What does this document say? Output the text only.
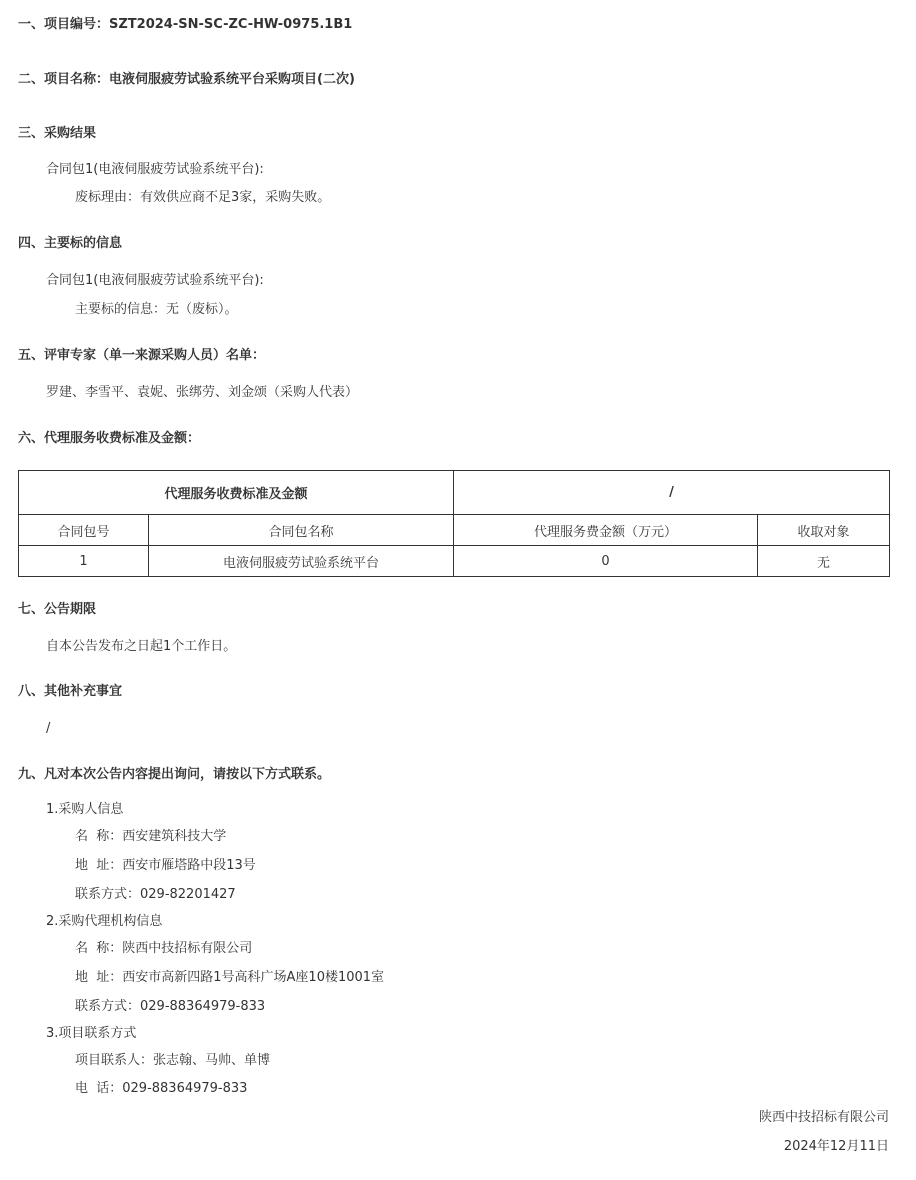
一、项目编号：SZT2024-SN-SC-ZC-HW-0975.1B1
二、项目名称：电液伺服疲劳试验系统平台采购项目(二次)
三、采购结果
合同包1(电液伺服疲劳试验系统平台):
废标理由：有效供应商不足3家，采购失败。
四、主要标的信息
合同包1(电液伺服疲劳试验系统平台):
主要标的信息：无（废标）。
五、评审专家（单一来源采购人员）名单：
罗建、李雪平、袁妮、张绑劳、刘金颂（采购人代表）
六、代理服务收费标准及金额：
代理服务收费标准及金额		/	
合同包号	合同包名称	代理服务费金额（万元）	收取对象
1	电液伺服疲劳试验系统平台	0	无
七、公告期限
自本公告发布之日起1个工作日。
八、其他补充事宜
/
九、凡对本次公告内容提出询问，请按以下方式联系。
1.采购人信息
名  称：西安建筑科技大学
地  址：西安市雁塔路中段13号
联系方式：029-82201427
2.采购代理机构信息
名  称：陕西中技招标有限公司
地  址：西安市高新四路1号高科广场A座10楼1001室
联系方式：029-88364979-833
3.项目联系方式
项目联系人：张志翰、马帅、单博
电  话：029-88364979-833
陕西中技招标有限公司
2024年12月11日
